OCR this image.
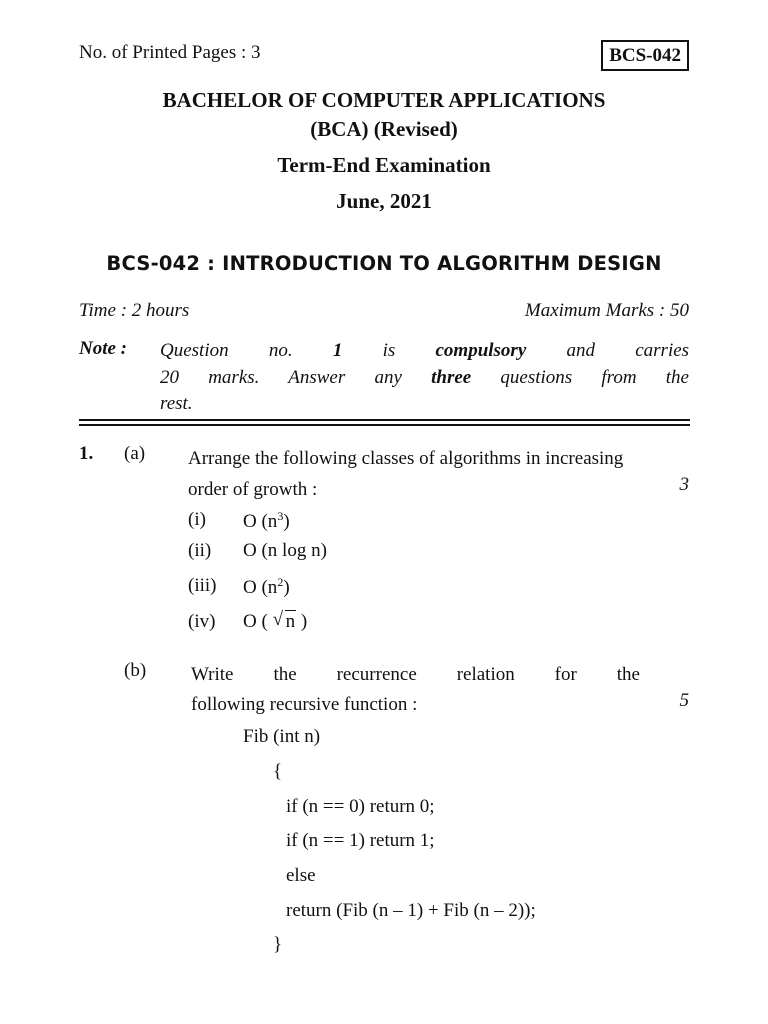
No. of Printed Pages : 3	BCS-042
BACHELOR OF COMPUTER APPLICATIONS
(BCA) (Revised)
Term-End Examination
June, 2021
BCS-042 : INTRODUCTION TO ALGORITHM DESIGN
Time : 2 hours	Maximum Marks : 50
Note : Question no. 1 is compulsory and carries
20 marks. Answer any three questions from the
rest.
1. (a) Arrange the following classes of algorithms in increasing order of growth :	3
(i) O $(n^3)$
(ii) O (n log n)
(iii) O $(n^2)$
(iv) O ( √ n )
(b) Write the recurrence relation for the
following recursive function :	5
Fib (int n)
{
if (n == 0) return 0;
if (n == 1) return 1;
else
return (Fib (n – 1) + Fib (n – 2));
}
